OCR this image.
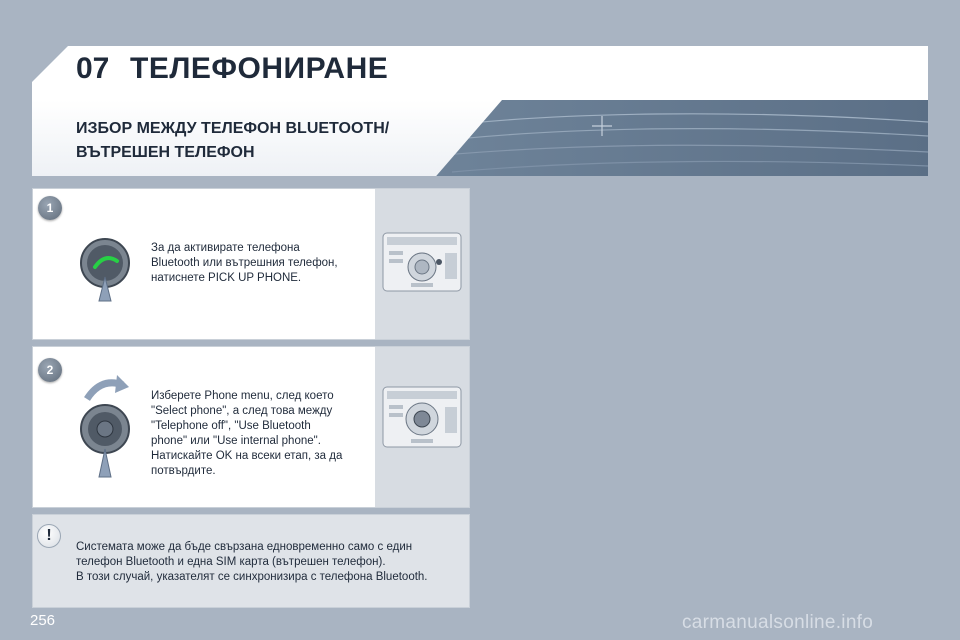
07 ТЕЛЕФОНИРАНЕ
ИЗБОР МЕЖДУ ТЕЛЕФОН BLUETOOTH/
ВЪТРЕШЕН ТЕЛЕФОН
За да активирате телефона
Bluetooth или вътрешния телефон,
натиснете PICK UP PHONE.
1
Изберете Phone menu, след което
"Select phone", а след това между
"Telephone off", "Use Bluetooth
phone" или "Use internal phone".
Натискайте OK на всеки етап, за да
потвърдите.
2
!
Системата може да бъде свързана едновременно само с един
телефон Bluetooth и една SIM карта (вътрешен телефон).
В този случай, указателят се синхронизира с телефона Bluetooth.
256	carmanualsonline.info
